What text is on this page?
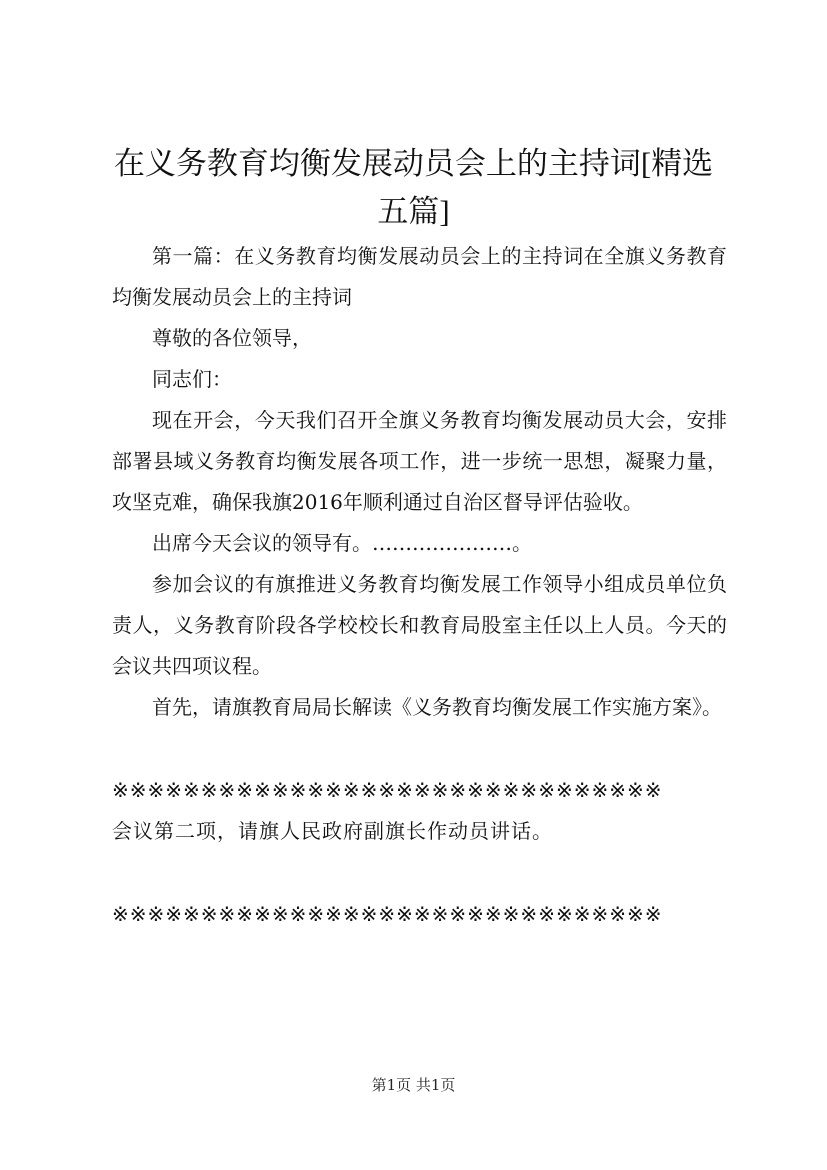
在义务教育均衡发展动员会上的主持词[精选五篇]

第一篇：在义务教育均衡发展动员会上的主持词在全旗义务教育均衡发展动员会上的主持词

尊敬的各位领导，

同志们：

现在开会，今天我们召开全旗义务教育均衡发展动员大会，安排部署县域义务教育均衡发展各项工作，进一步统一思想，凝聚力量，攻坚克难，确保我旗2016年顺利通过自治区督导评估验收。

出席今天会议的领导有。…………………。

参加会议的有旗推进义务教育均衡发展工作领导小组成员单位负责人，义务教育阶段各学校校长和教育局股室主任以上人员。今天的会议共四项议程。

首先，请旗教育局局长解读《义务教育均衡发展工作实施方案》。

※※※※※※※※※※※※※※※※※※※※※※※※※※※※※※※

会议第二项，请旗人民政府副旗长作动员讲话。

※※※※※※※※※※※※※※※※※※※※※※※※※※※※※※※

第1页 共1页
